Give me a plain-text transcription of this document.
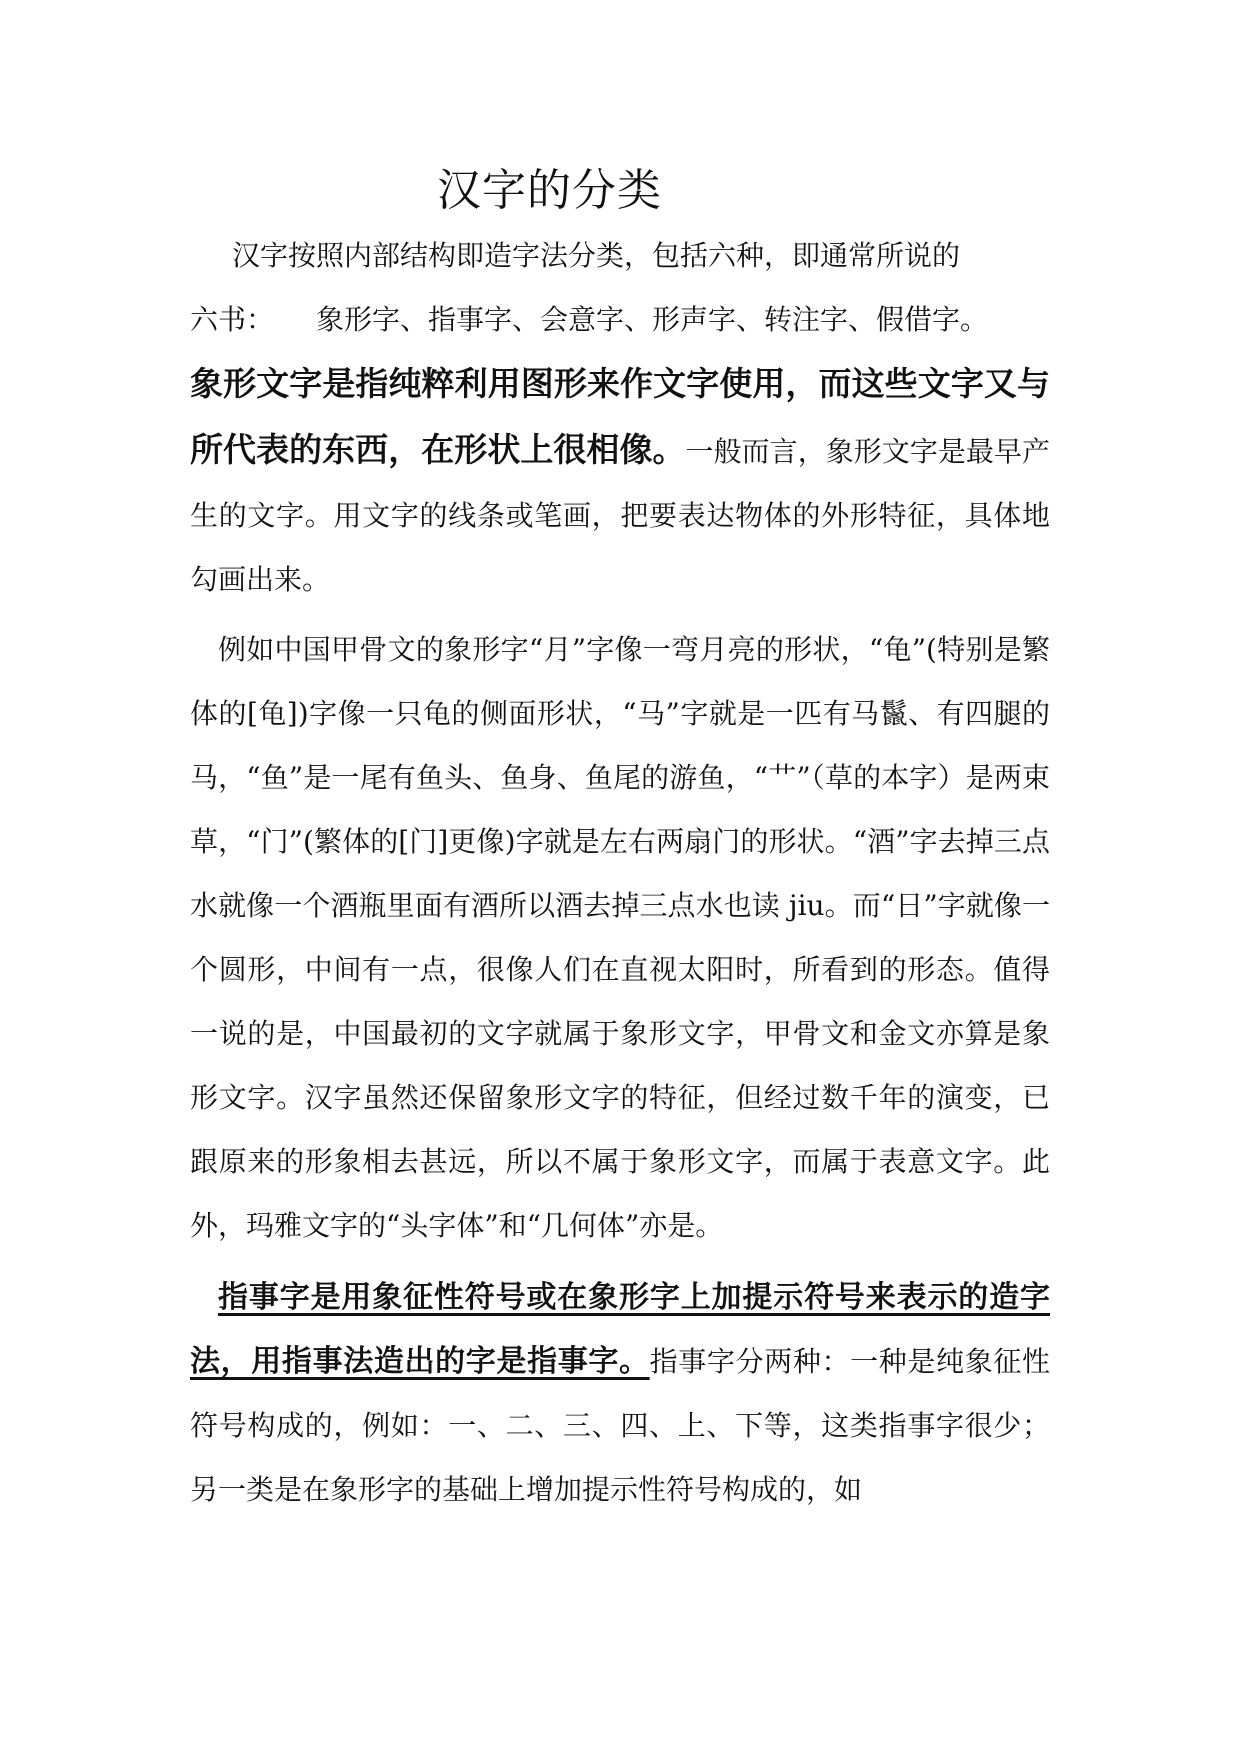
汉字的分类

汉字按照内部结构即造字法分类，包括六种，即通常所说的

六书： 象形字、指事字、会意字、形声字、转注字、假借字。

象形文字是指纯粹利用图形来作文字使用，而这些文字又与所代表的东西，在形状上很相像。一般而言，象形文字是最早产生的文字。用文字的线条或笔画，把要表达物体的外形特征，具体地勾画出来。

例如中国甲骨文的象形字“月”字像一弯月亮的形状，“龟”(特别是繁体的[龟])字像一只龟的侧面形状，“马”字就是一匹有马鬣、有四腿的马，“鱼”是一尾有鱼头、鱼身、鱼尾的游鱼，“艹”（草的本字）是两束草，“门”(繁体的[门]更像)字就是左右两扇门的形状。“酒”字去掉三点水就像一个酒瓶里面有酒所以酒去掉三点水也读 jiu。而“日”字就像一个圆形，中间有一点，很像人们在直视太阳时，所看到的形态。值得一说的是，中国最初的文字就属于象形文字，甲骨文和金文亦算是象形文字。汉字虽然还保留象形文字的特征，但经过数千年的演变，已跟原来的形象相去甚远，所以不属于象形文字，而属于表意文字。此外，玛雅文字的“头字体”和“几何体”亦是。

指事字是用象征性符号或在象形字上加提示符号来表示的造字法，用指事法造出的字是指事字。指事字分两种：一种是纯象征性符号构成的，例如：一、二、三、四、上、下等，这类指事字很少；另一类是在象形字的基础上增加提示性符号构成的，如
